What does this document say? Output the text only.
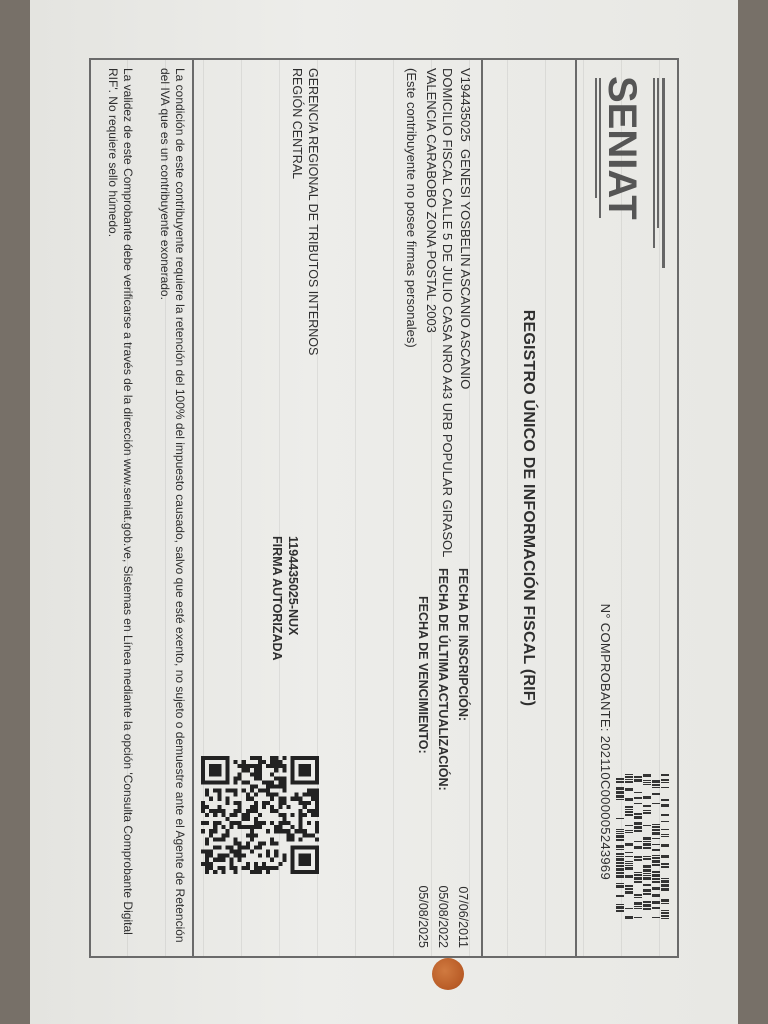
SENIAT
N° COMPROBANTE: 202110C000005243969
REGISTRO ÚNICO DE INFORMACIÓN FISCAL (RIF)
V194435025  GENESI YOSBELIN ASCANIO ASCANIO
DOMICILIO FISCAL CALLE 5 DE JULIO CASA NRO A43 URB POPULAR GIRASOL
VALENCIA CARABOBO ZONA POSTAL 2003
(Este contribuyente no posee firmas personales)
FECHA DE INSCRIPCIÓN:
07/06/2011
FECHA DE ÚLTIMA ACTUALIZACIÓN:
05/08/2022
FECHA DE VENCIMIENTO:
05/08/2025
GERENCIA REGIONAL DE TRIBUTOS INTERNOS
REGIÓN CENTRAL
1194435025-NUX
FIRMA AUTORIZADA
La condición de este contribuyente requiere la retención del 100% del impuesto causado, salvo que esté exento, no sujeto o demuestre ante el Agente de Retención del IVA que es un contribuyente exonerado.
La validez de este Comprobante debe verificarse a través de la dirección www.seniat.gob.ve, Sistemas en Línea mediante la opción 'Consulta Comprobante Digital RIF'. No requiere sello húmedo.
